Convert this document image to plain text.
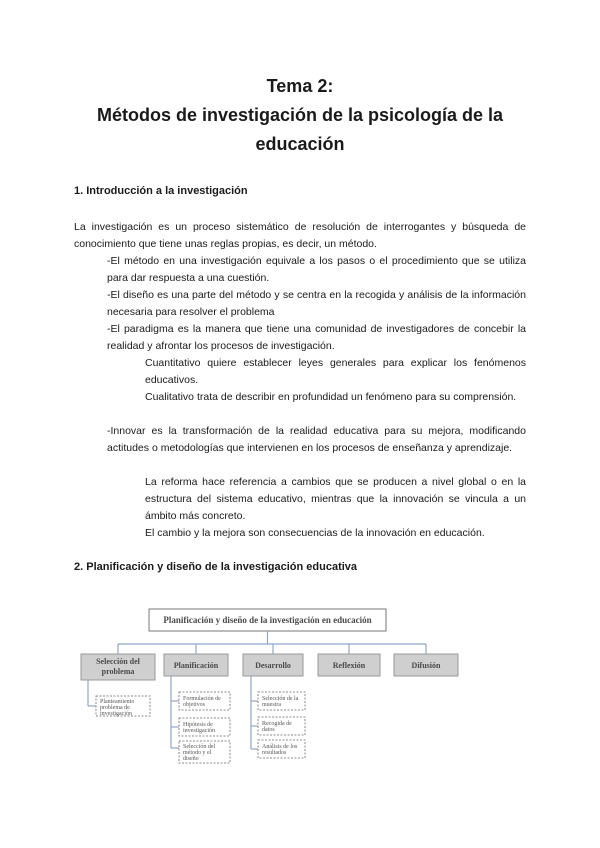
Tema 2:
Métodos de investigación de la psicología de la
educación
1. Introducción a la investigación
La investigación es un proceso sistemático de resolución de interrogantes y búsqueda de conocimiento que tiene unas reglas propias, es decir, un método.
-El método en una investigación equivale a los pasos o el procedimiento que se utiliza para dar respuesta a una cuestión.
-El diseño es una parte del método y se centra en la recogida y análisis de la información necesaria para resolver el problema
-El paradigma es la manera que tiene una comunidad de investigadores de concebir la realidad y afrontar los procesos de investigación.
Cuantitativo quiere establecer leyes generales para explicar los fenómenos educativos.
Cualitativo trata de describir en profundidad un fenómeno para su comprensión.
-Innovar es la transformación de la realidad educativa para su mejora, modificando actitudes o metodologías que intervienen en los procesos de enseñanza y aprendizaje.
La reforma hace referencia a cambios que se producen a nivel global o en la estructura del sistema educativo, mientras que la innovación se vincula a un ámbito más concreto.
El cambio y la mejora son consecuencias de la innovación en educación.
2. Planificación y diseño de la investigación educativa
Planificación y diseño de la investigación en educación
Selección del
problema
Planificación	Desarrollo	Reflexión	Difusión
Planteamiento
problema de
investigación
Formulación de
objetivos
Hipótesis de
investigación
Selección del
método y el
diseño
Selección de la
muestra
Recogida de
datos
Análisis de los
resultados
